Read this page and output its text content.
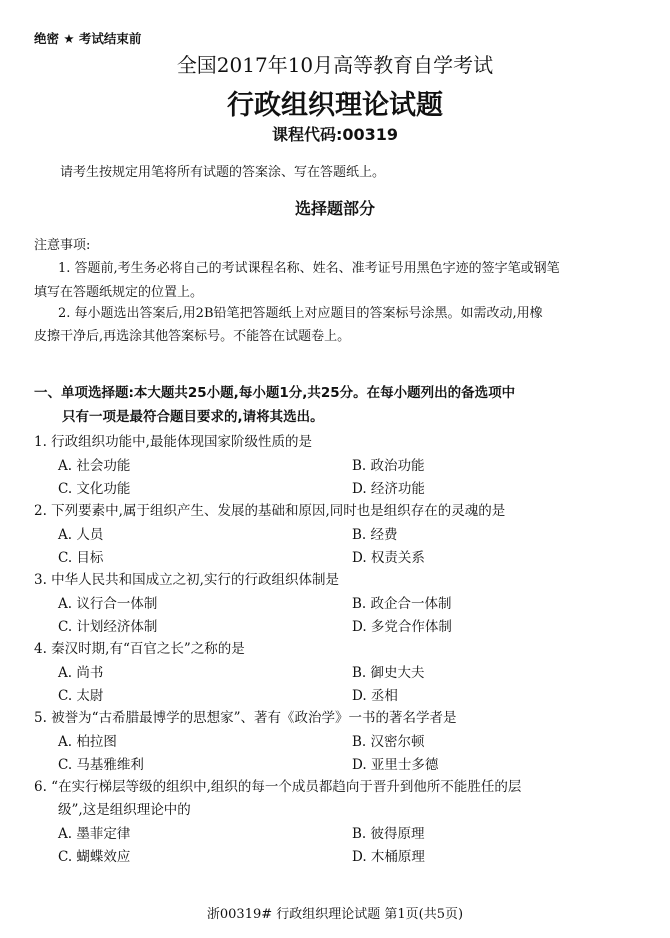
绝密 ★ 考试结束前
全国2017年10月高等教育自学考试
行政组织理论试题
课程代码:00319
请考生按规定用笔将所有试题的答案涂、写在答题纸上。
选择题部分
注意事项:
1. 答题前,考生务必将自己的考试课程名称、姓名、准考证号用黑色字迹的签字笔或钢笔
填写在答题纸规定的位置上。
2. 每小题选出答案后,用2B铅笔把答题纸上对应题目的答案标号涂黑。如需改动,用橡
皮擦干净后,再选涂其他答案标号。不能答在试题卷上。
一、单项选择题:本大题共25小题,每小题1分,共25分。在每小题列出的备选项中
只有一项是最符合题目要求的,请将其选出。
1. 行政组织功能中,最能体现国家阶级性质的是
A. 社会功能	B. 政治功能
C. 文化功能	D. 经济功能
2. 下列要素中,属于组织产生、发展的基础和原因,同时也是组织存在的灵魂的是
A. 人员	B. 经费
C. 目标	D. 权责关系
3. 中华人民共和国成立之初,实行的行政组织体制是
A. 议行合一体制	B. 政企合一体制
C. 计划经济体制	D. 多党合作体制
4. 秦汉时期,有“百官之长”之称的是
A. 尚书	B. 御史大夫
C. 太尉	D. 丞相
5. 被誉为“古希腊最博学的思想家”、著有《政治学》一书的著名学者是
A. 柏拉图	B. 汉密尔顿
C. 马基雅维利	D. 亚里士多德
6. “在实行梯层等级的组织中,组织的每一个成员都趋向于晋升到他所不能胜任的层
级”,这是组织理论中的
A. 墨菲定律	B. 彼得原理
C. 蝴蝶效应	D. 木桶原理
浙00319# 行政组织理论试题 第1页(共5页)
